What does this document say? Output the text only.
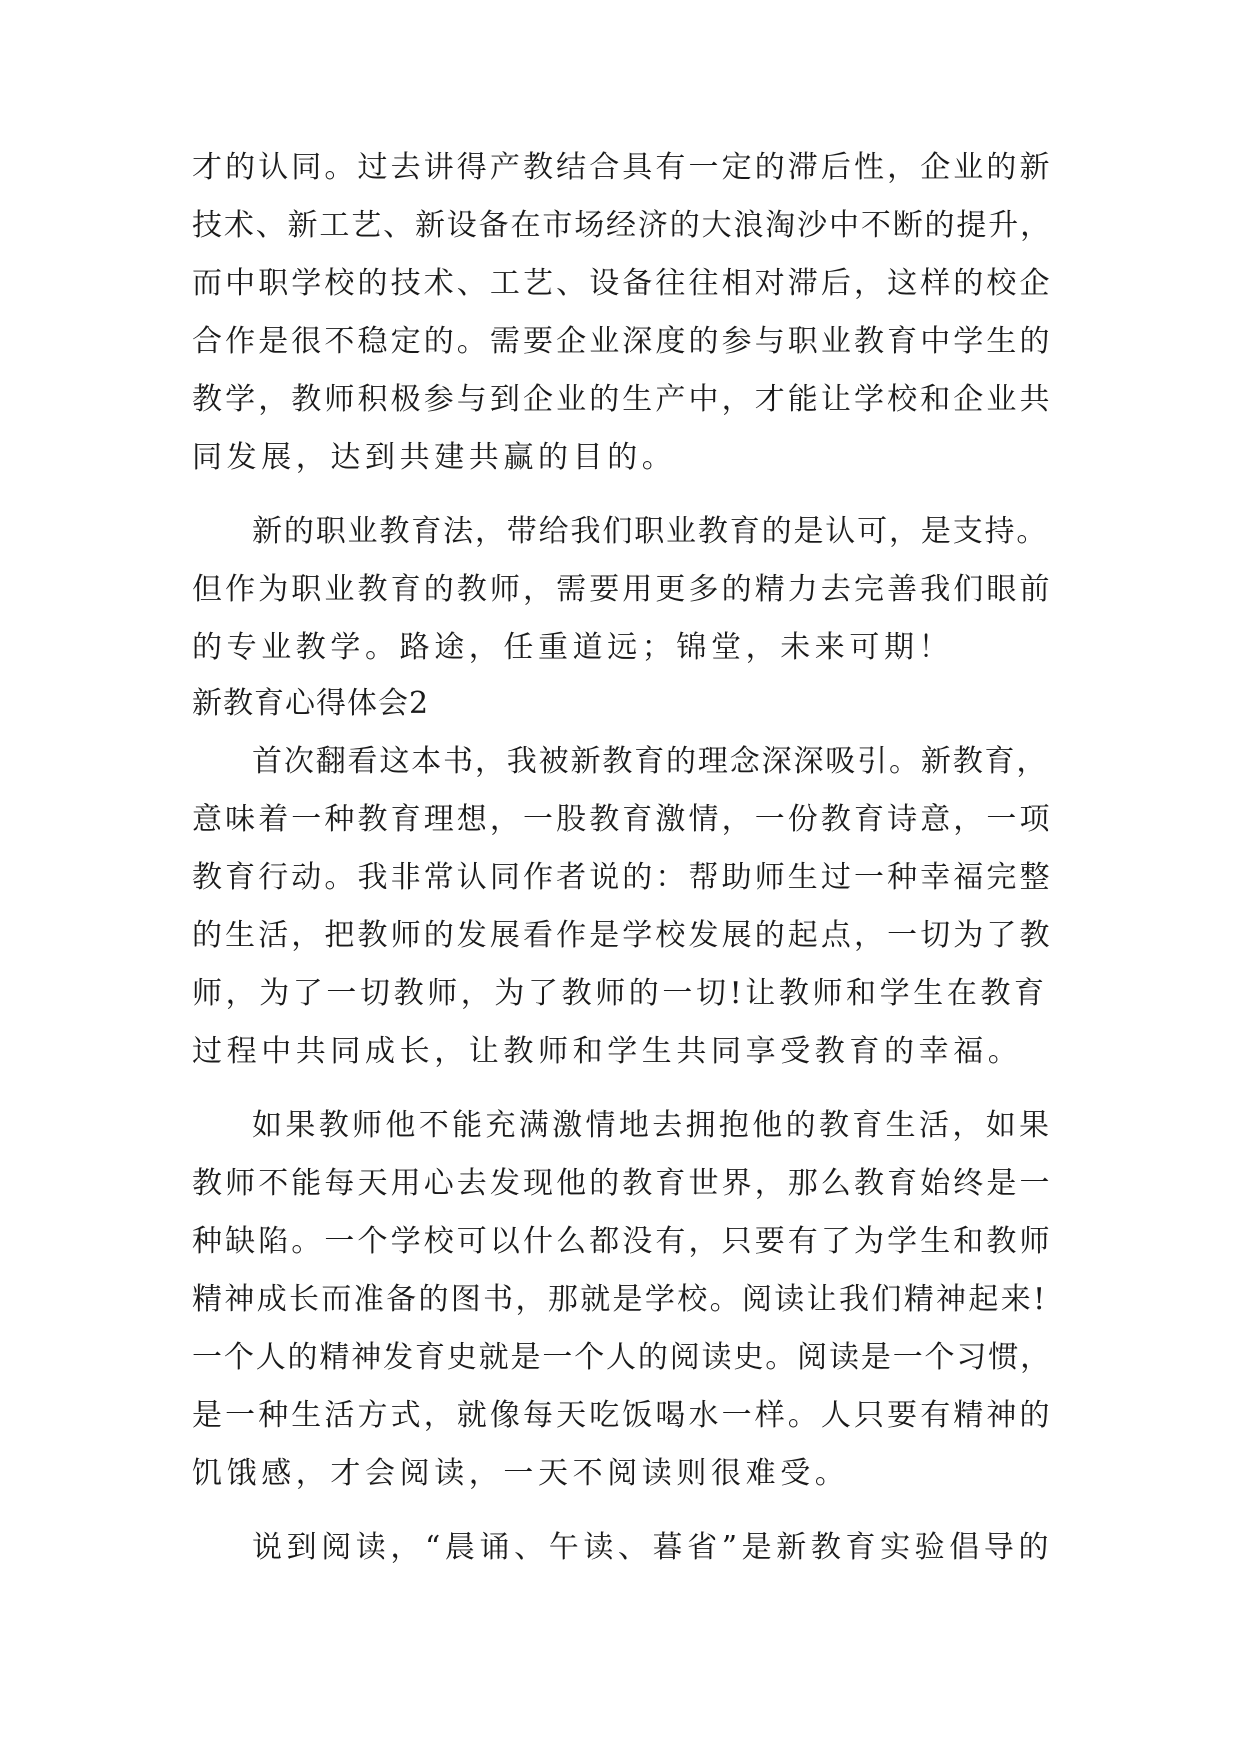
才的认同。过去讲得产教结合具有一定的滞后性，企业的新
技术、新工艺、新设备在市场经济的大浪淘沙中不断的提升，
而中职学校的技术、工艺、设备往往相对滞后，这样的校企
合作是很不稳定的。需要企业深度的参与职业教育中学生的
教学，教师积极参与到企业的生产中，才能让学校和企业共
同发展，达到共建共赢的目的。
新的职业教育法，带给我们职业教育的是认可，是支持。
但作为职业教育的教师，需要用更多的精力去完善我们眼前
的专业教学。路途，任重道远；锦堂，未来可期！
新教育心得体会2
首次翻看这本书，我被新教育的理念深深吸引。新教育，
意味着一种教育理想，一股教育激情，一份教育诗意，一项
教育行动。我非常认同作者说的：帮助师生过一种幸福完整
的生活，把教师的发展看作是学校发展的起点，一切为了教
师，为了一切教师，为了教师的一切!让教师和学生在教育
过程中共同成长，让教师和学生共同享受教育的幸福。
如果教师他不能充满激情地去拥抱他的教育生活，如果
教师不能每天用心去发现他的教育世界，那么教育始终是一
种缺陷。一个学校可以什么都没有，只要有了为学生和教师
精神成长而准备的图书，那就是学校。阅读让我们精神起来!
一个人的精神发育史就是一个人的阅读史。阅读是一个习惯，
是一种生活方式，就像每天吃饭喝水一样。人只要有精神的
饥饿感，才会阅读，一天不阅读则很难受。
说到阅读，“晨诵、午读、暮省”是新教育实验倡导的
